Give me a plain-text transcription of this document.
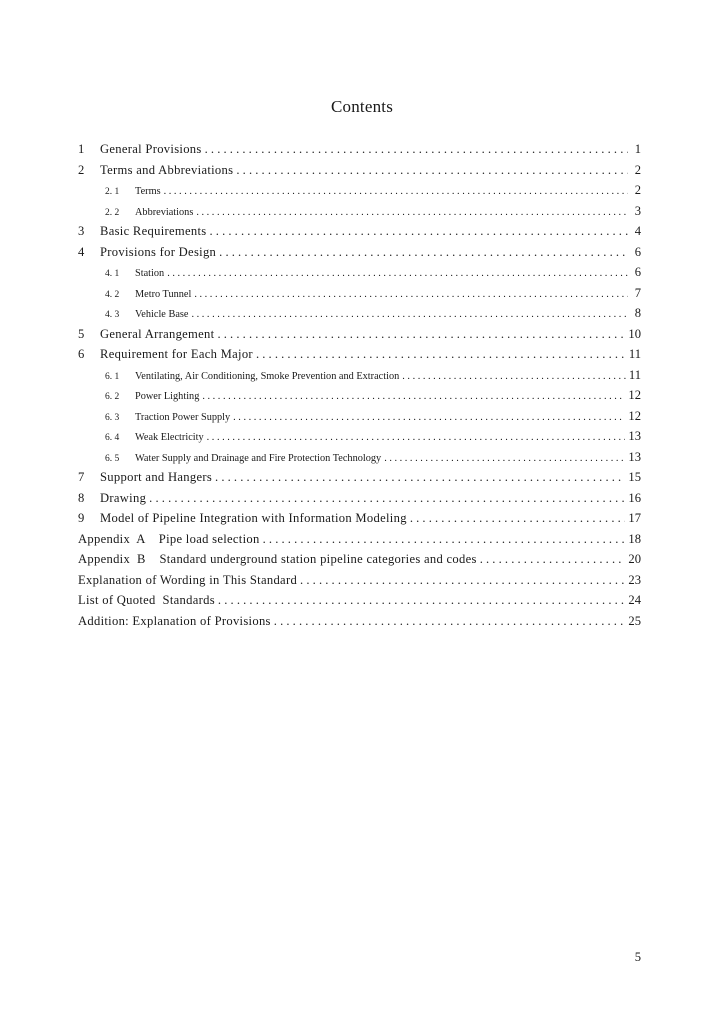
Contents
1	General Provisions . . .	1
2	Terms and Abbreviations . . .	2
2. 1	Terms . . .	2
2. 2	Abbreviations . . .	3
3	Basic Requirements . . .	4
4	Provisions for Design . . .	6
4. 1	Station . . .	6
4. 2	Metro Tunnel . . .	7
4. 3	Vehicle Base . . .	8
5	General Arrangement . . .	10
6	Requirement for Each Major . . .	11
6. 1	Ventilating, Air Conditioning, Smoke Prevention and Extraction . . .	11
6. 2	Power Lighting . . .	12
6. 3	Traction Power Supply . . .	12
6. 4	Weak Electricity . . .	13
6. 5	Water Supply and Drainage and Fire Protection Technology . . .	13
7	Support and Hangers . . .	15
8	Drawing . . .	16
9	Model of Pipeline Integration with Information Modeling . . .	17
Appendix  A    Pipe load selection . . .	18
Appendix  B    Standard underground station pipeline categories and codes . . .	20
Explanation of Wording in This Standard . . .	23
List of Quoted  Standards . . .	24
Addition: Explanation of Provisions . . .	25
5
